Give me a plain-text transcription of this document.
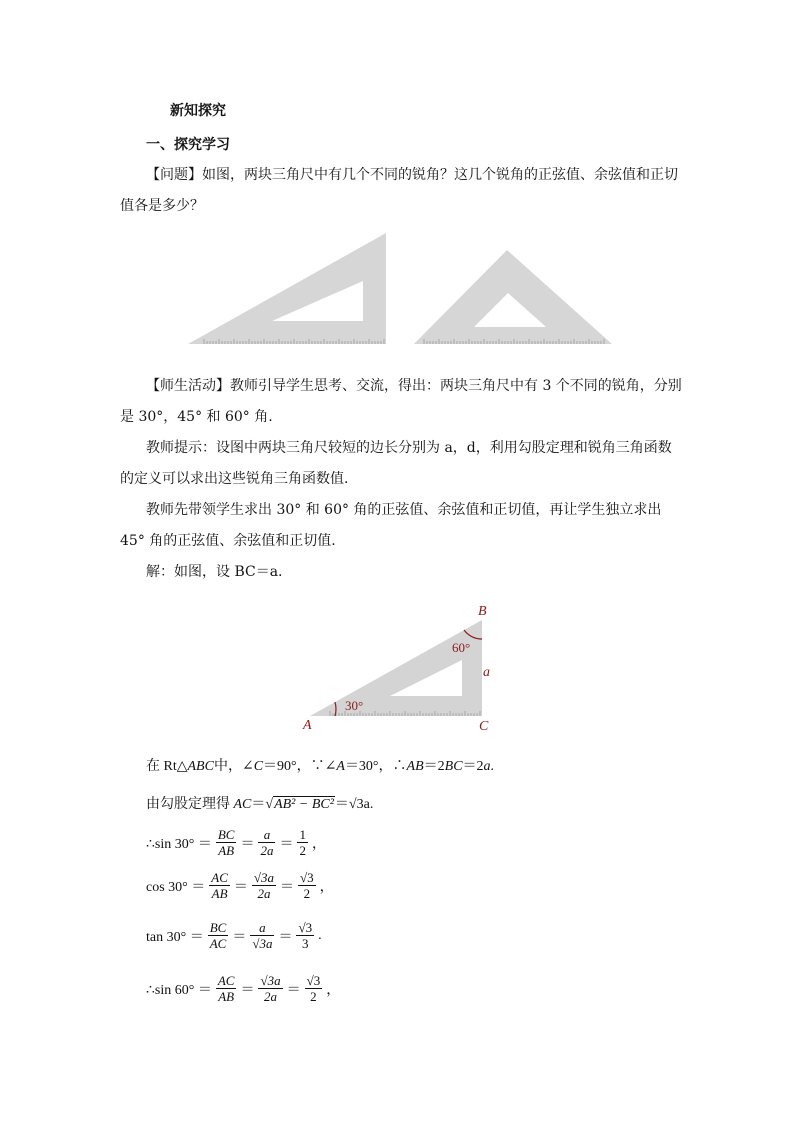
新知探究
一、探究学习
【问题】如图，两块三角尺中有几个不同的锐角？这几个锐角的正弦值、余弦值和正切
值各是多少？
【师生活动】教师引导学生思考、交流，得出：两块三角尺中有 3 个不同的锐角，分别
是 30°，45° 和 60° 角.
教师提示：设图中两块三角尺较短的边长分别为 a，d，利用勾股定理和锐角三角函数
的定义可以求出这些锐角三角函数值.
教师先带领学生求出 30° 和 60° 角的正弦值、余弦值和正切值，再让学生独立求出
45° 角的正弦值、余弦值和正切值.
解：如图，设 BC＝a.
A
B
C
30°
60°
a
在 Rt△ABC中，∠C＝90°，∵∠A＝30°，∴AB＝2BC＝2a.
由勾股定理得 AC＝√AB² − BC²＝√3a.
∴sin $30^\circ = \frac{BC}{AB} = \frac{a}{2a} = \frac{1}{2}$ ，
$\cos 30^\circ = \frac{AC}{AB} = \frac{√3a}{2a} = \frac{√3}{2}$ ，
$\tan 30^\circ = \frac{BC}{AC} = \frac{a}{√3a} = \frac{√3}{3}$ .
∴sin $60^\circ = \frac{AC}{AB} = \frac{√3a}{2a} = \frac{√3}{2}$ ，
